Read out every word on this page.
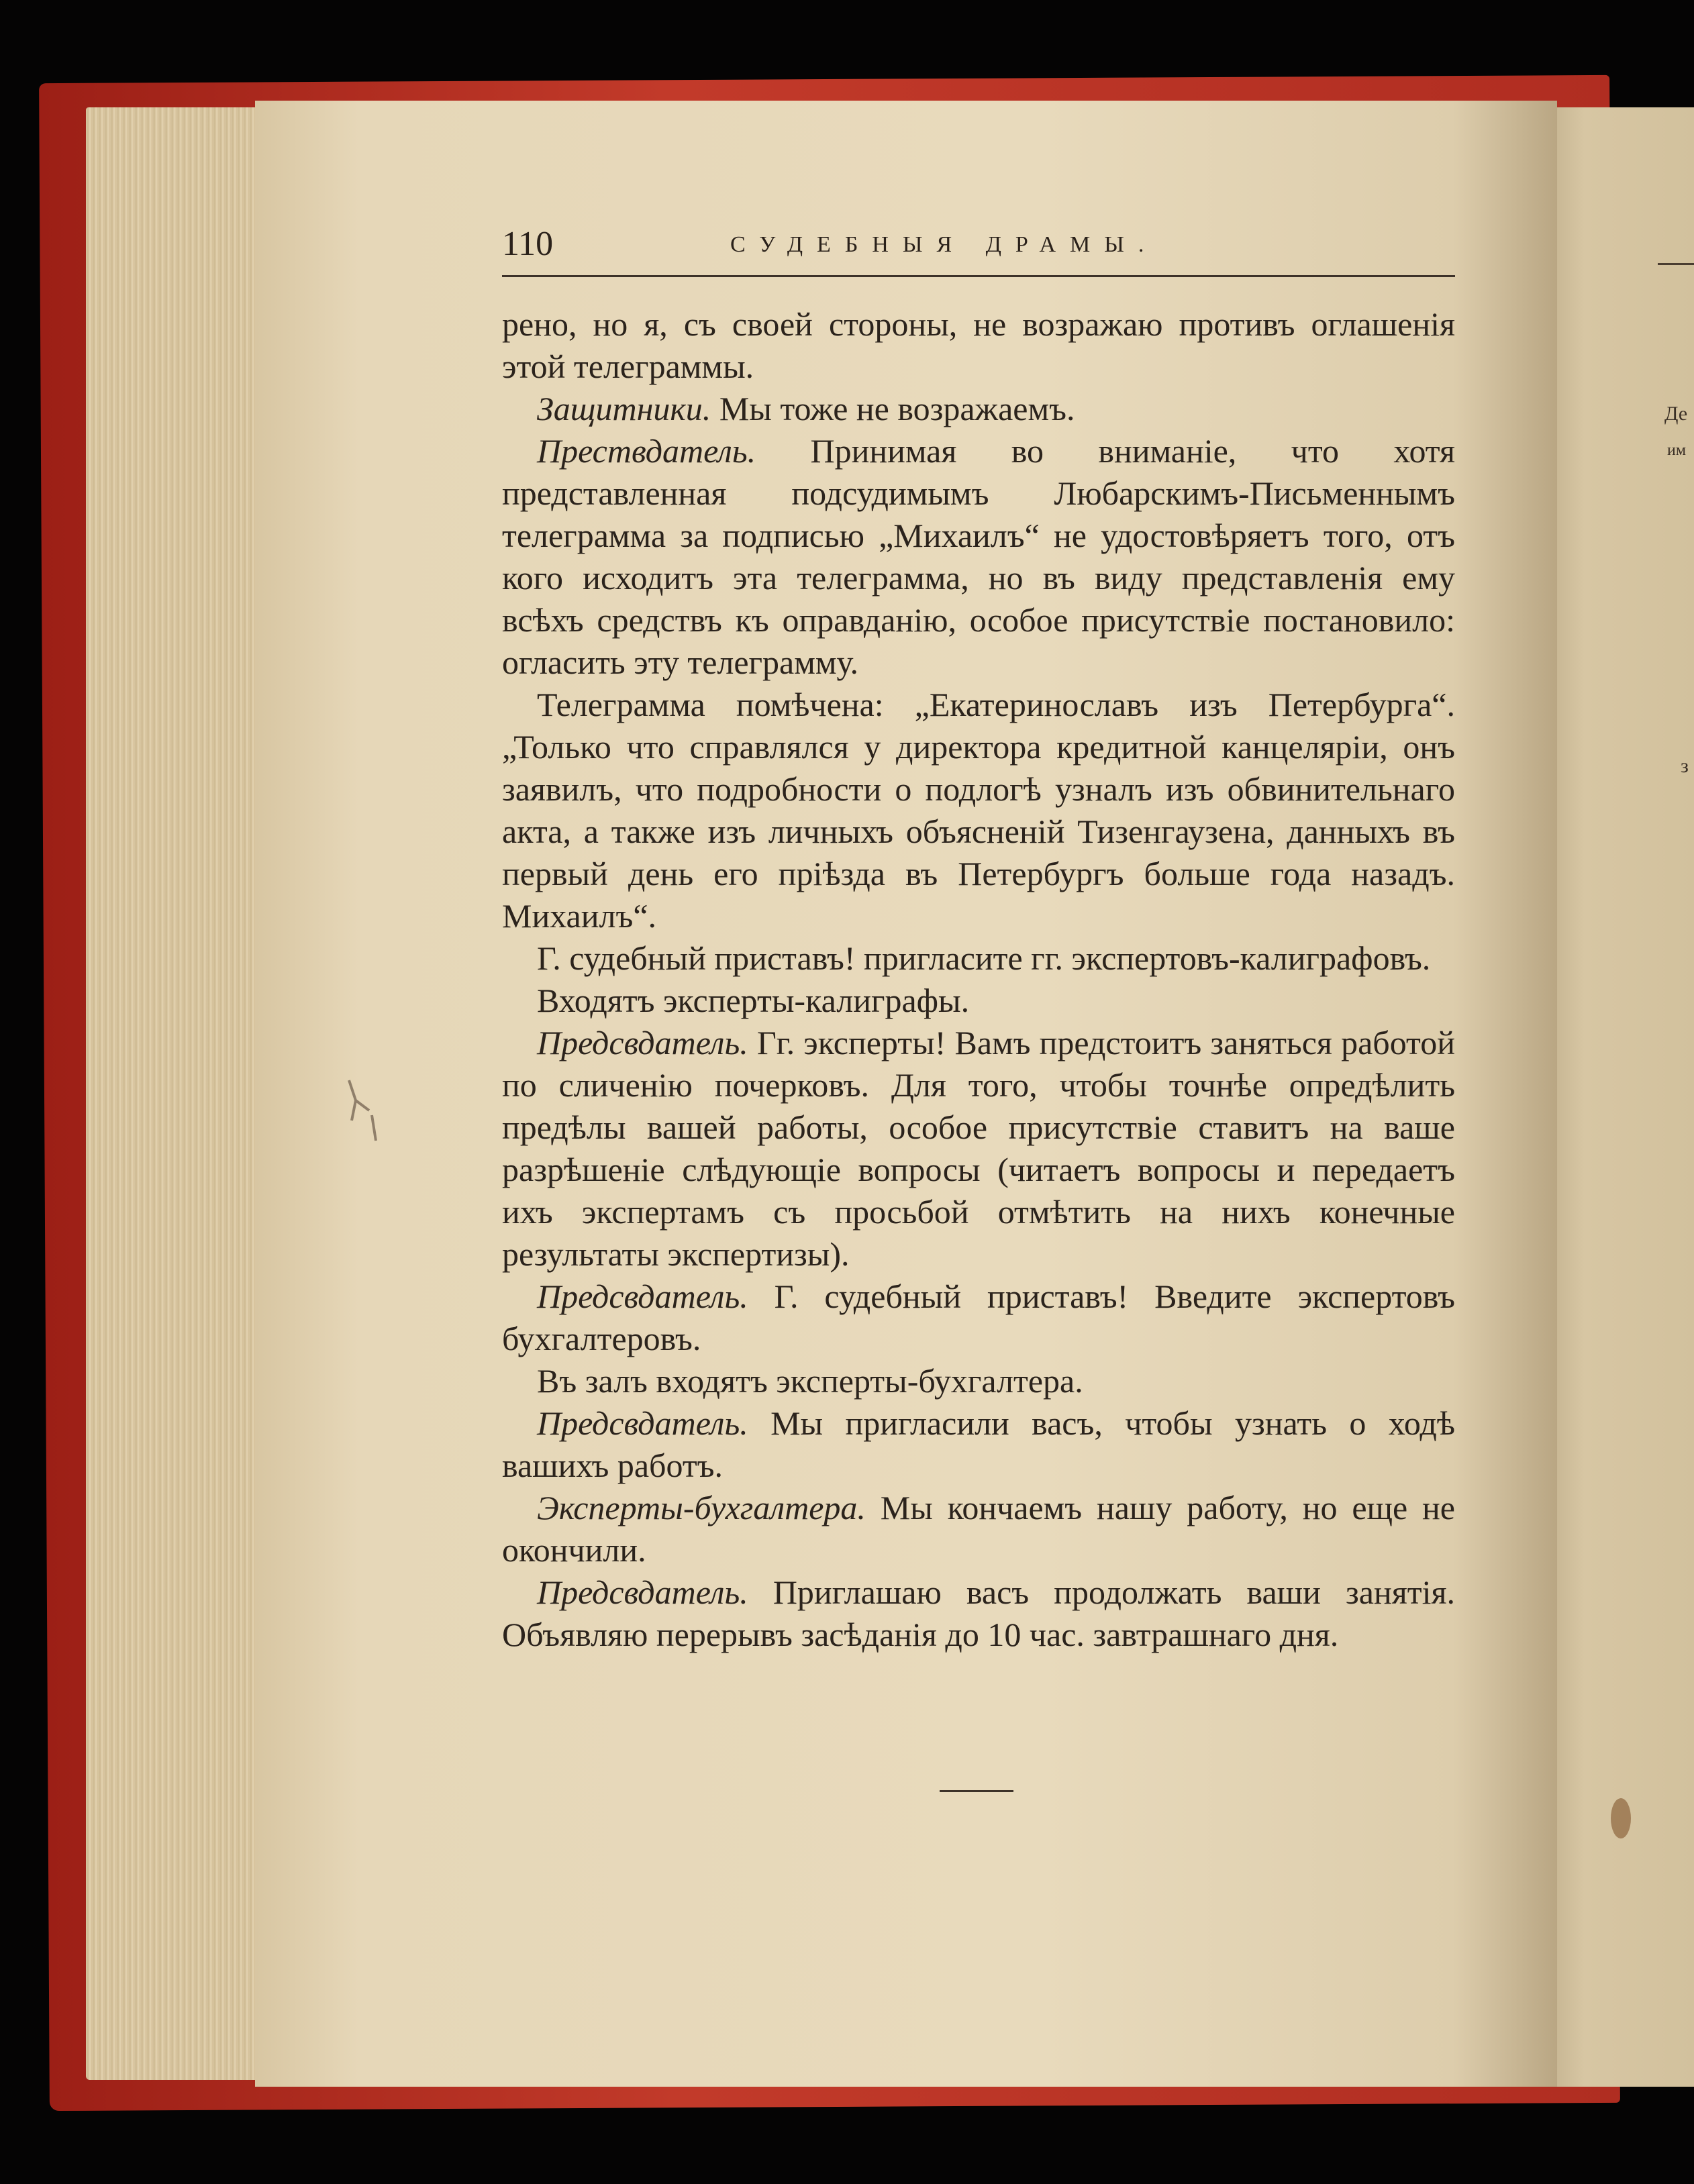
Де
им
з
110	СУДЕБНЫЯ ДРАМЫ.

рено, но я, съ своей стороны, не возражаю противъ оглашенія этой телеграммы.

Защитники. Мы тоже не возражаемъ.

Прествдатель. Принимая во вниманіе, что хотя представленная подсудимымъ Любарскимъ-Письменнымъ телеграмма за подписью „Михаилъ“ не удостовѣряетъ того, отъ кого исходитъ эта телеграмма, но въ виду представленія ему всѣхъ средствъ къ оправданію, особое присутствіе постановило: огласить эту телеграмму.

Телеграмма помѣчена: „Екатеринославъ изъ Петербурга“. „Только что справлялся у директора кредитной канцеляріи, онъ заявилъ, что подробности о подлогѣ узналъ изъ обвинительнаго акта, а также изъ личныхъ объясненій Тизенгаузена, данныхъ въ первый день его пріѣзда въ Петербургъ больше года назадъ. Михаилъ“.

Г. судебный приставъ! пригласите гг. экспертовъ-калиграфовъ.

Входятъ эксперты-калиграфы.

Предсвдатель. Гг. эксперты! Вамъ предстоитъ заняться работой по сличенію почерковъ. Для того, чтобы точнѣе опредѣлить предѣлы вашей работы, особое присутствіе ставитъ на ваше разрѣшеніе слѣдующіе вопросы (читаетъ вопросы и передаетъ ихъ экспертамъ съ просьбой отмѣтить на нихъ конечные результаты экспертизы).

Предсвдатель. Г. судебный приставъ! Введите экспертовъ бухгалтеровъ.

Въ залъ входятъ эксперты-бухгалтера.

Предсвдатель. Мы пригласили васъ, чтобы узнать о ходѣ вашихъ работъ.

Эксперты-бухгалтера. Мы кончаемъ нашу работу, но еще не окончили.

Предсвдатель. Приглашаю васъ продолжать ваши занятія. Объявляю перерывъ засѣданія до 10 час. завтрашнаго дня.
